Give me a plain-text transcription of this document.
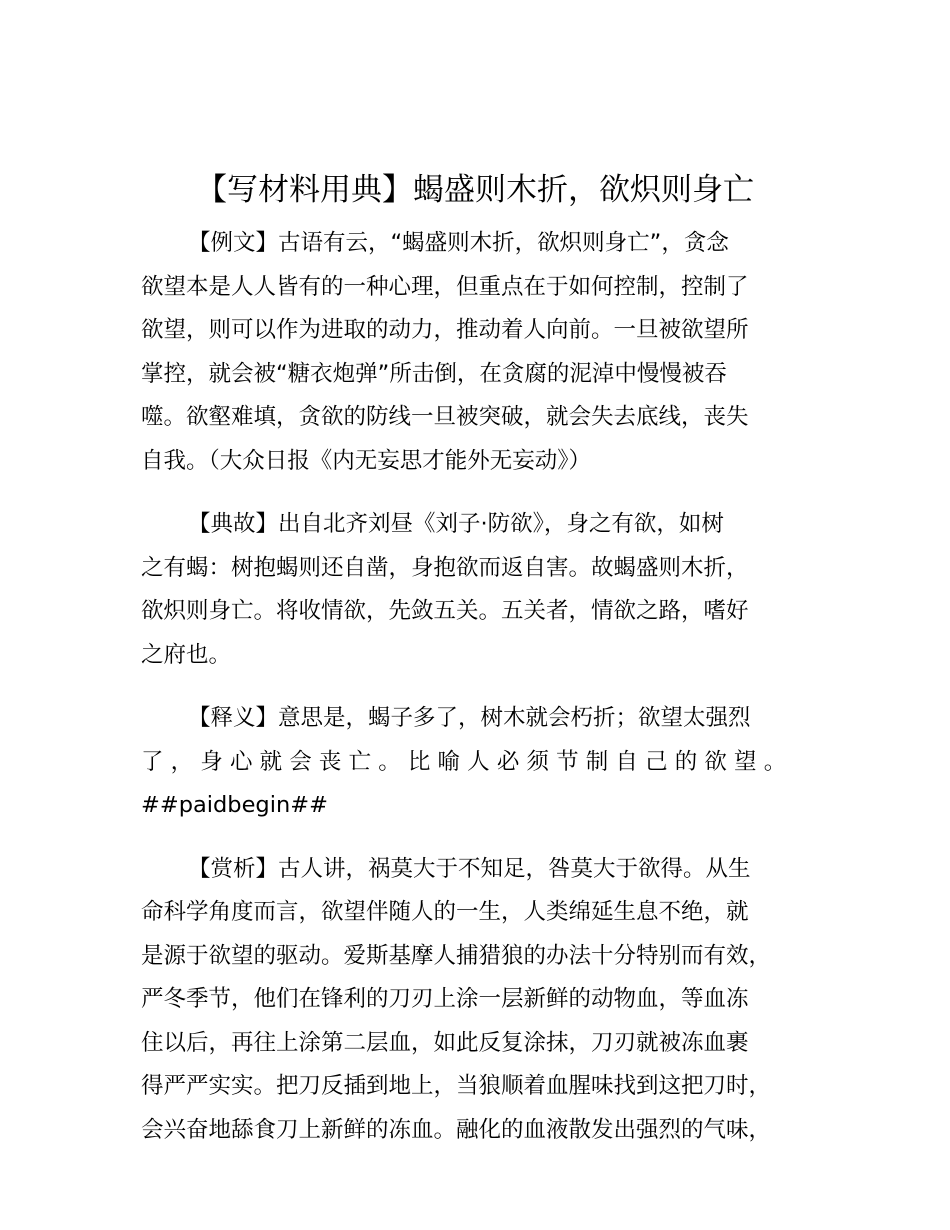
【写材料用典】蝎盛则木折，欲炽则身亡
【例文】古语有云，“蝎盛则木折，欲炽则身亡”，贪念
欲望本是人人皆有的一种心理，但重点在于如何控制，控制了
欲望，则可以作为进取的动力，推动着人向前。一旦被欲望所
掌控，就会被“糖衣炮弹”所击倒，在贪腐的泥淖中慢慢被吞
噬。欲壑难填，贪欲的防线一旦被突破，就会失去底线，丧失
自我。（大众日报《内无妄思才能外无妄动》）
【典故】出自北齐刘昼《刘子·防欲》，身之有欲，如树
之有蝎：树抱蝎则还自凿，身抱欲而返自害。故蝎盛则木折，
欲炽则身亡。将收情欲，先敛五关。五关者，情欲之路，嗜好
之府也。
【释义】意思是，蝎子多了，树木就会朽折；欲望太强烈
了 ， 身 心 就 会 丧 亡 。 比 喻 人 必 须 节 制 自 己 的 欲 望 。
##paidbegin##
【赏析】古人讲，祸莫大于不知足，咎莫大于欲得。从生
命科学角度而言，欲望伴随人的一生，人类绵延生息不绝，就
是源于欲望的驱动。爱斯基摩人捕猎狼的办法十分特别而有效，
严冬季节，他们在锋利的刀刃上涂一层新鲜的动物血，等血冻
住以后，再往上涂第二层血，如此反复涂抹，刀刃就被冻血裹
得严严实实。把刀反插到地上，当狼顺着血腥味找到这把刀时，
会兴奋地舔食刀上新鲜的冻血。融化的血液散发出强烈的气味，
